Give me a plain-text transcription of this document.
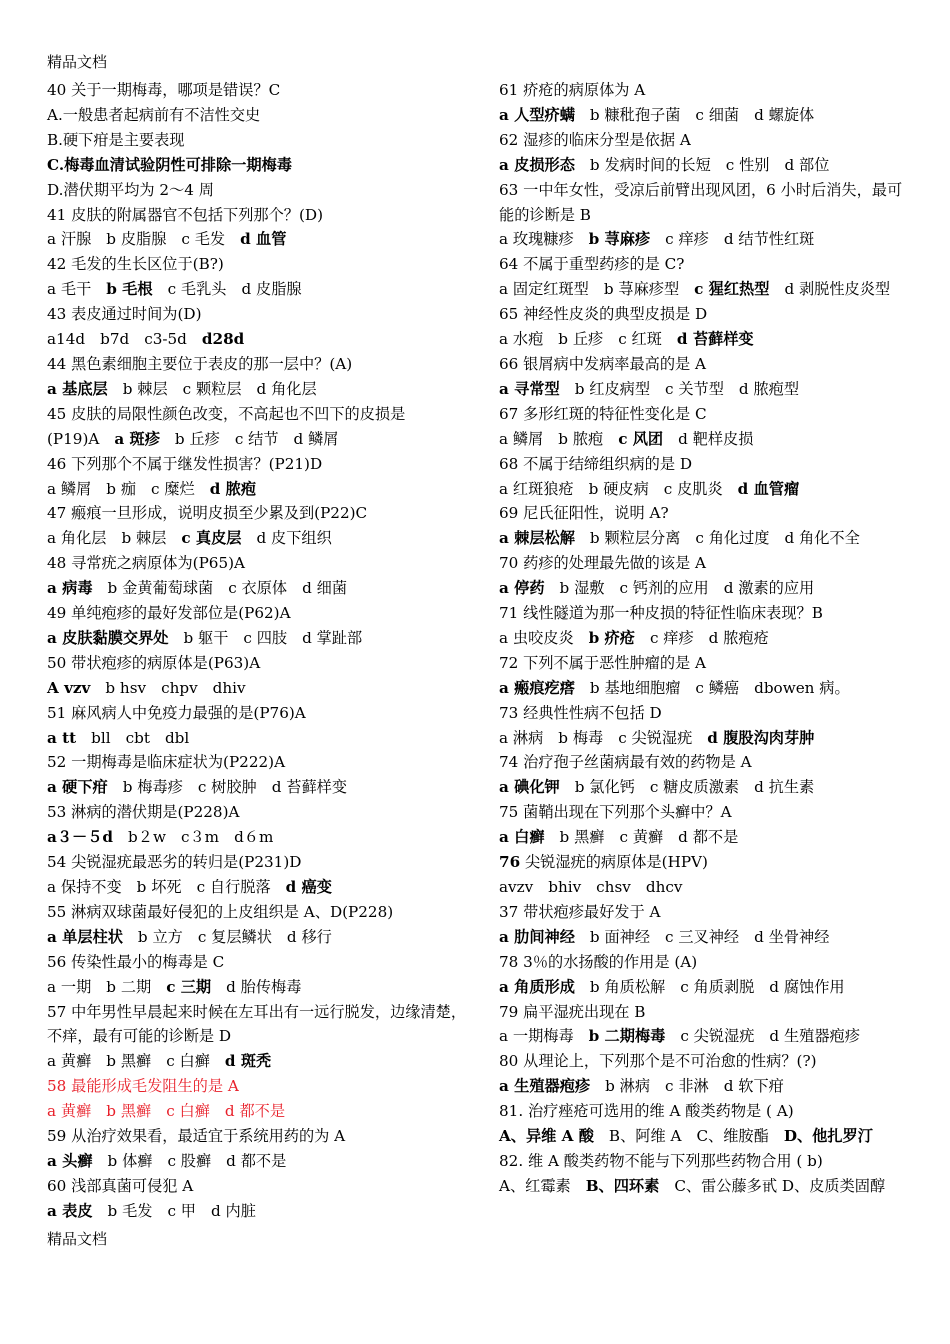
精品文档
40 关于一期梅毒，哪项是错误？C
A.一般患者起病前有不洁性交史
B.硬下疳是主要表现
C.梅毒血清试验阴性可排除一期梅毒
D.潜伏期平均为 2～4 周
41 皮肤的附属器官不包括下列那个？(D)
a 汗腺 b 皮脂腺 c 毛发 d 血管
42 毛发的生长区位于(B?)
a 毛干 b 毛根 c 毛乳头 d 皮脂腺
43 表皮通过时间为(D)
a14d b7d c3-5d d28d
44 黑色素细胞主要位于表皮的那一层中？(A)
a 基底层 b 棘层 c 颗粒层 d 角化层
45 皮肤的局限性颜色改变，不高起也不凹下的皮损是
(P19)A a 斑疹 b 丘疹 c 结节 d 鳞屑
46 下列那个不属于继发性损害？(P21)D
a 鳞屑 b 痂 c 糜烂 d 脓疱
47 瘢痕一旦形成，说明皮损至少累及到(P22)C
a 角化层 b 棘层 c 真皮层 d 皮下组织
48 寻常疣之病原体为(P65)A
a 病毒 b 金黄葡萄球菌 c 衣原体 d 细菌
49 单纯疱疹的最好发部位是(P62)A
a 皮肤黏膜交界处 b 躯干 c 四肢 d 掌趾部
50 带状疱疹的病原体是(P63)A
A vzv b hsv chpv dhiv
51 麻风病人中免疫力最强的是(P76)A
a tt bll cbt dbl
52 一期梅毒是临床症状为(P222)A
a 硬下疳 b 梅毒疹 c 树胶肿 d 苔藓样变
53 淋病的潜伏期是(P228)A
a３－５d b２w c３m d６m
54 尖锐湿疣最恶劣的转归是(P231)D
a 保持不变 b 坏死 c 自行脱落 d 癌变
55 淋病双球菌最好侵犯的上皮组织是 A、D(P228)
a 单层柱状 b 立方 c 复层鳞状 d 移行
56 传染性最小的梅毒是 C
a 一期 b 二期 c 三期 d 胎传梅毒
57 中年男性早晨起来时候在左耳出有一远行脱发，边缘清楚，不痒，最有可能的诊断是 D
a 黄癣 b 黑癣 c 白癣 d 斑秃
58 最能形成毛发阻生的是 A
a 黄癣 b 黑癣 c 白癣 d 都不是
59 从治疗效果看，最适宜于系统用药的为 A
a 头癣 b 体癣 c 股癣 d 都不是
60 浅部真菌可侵犯 A
a 表皮 b 毛发 c 甲 d 内脏
61 疥疮的病原体为 A
a 人型疥螨 b 糠秕孢子菌 c 细菌 d 螺旋体
62 湿疹的临床分型是依据 A
a 皮损形态 b 发病时间的长短 c 性别 d 部位
63 一中年女性，受凉后前臂出现风团，6 小时后消失，最可能的诊断是 B
a 玫瑰糠疹 b 荨麻疹 c 痒疹 d 结节性红斑
64 不属于重型药疹的是 C?
a 固定红斑型 b 荨麻疹型 c 猩红热型 d 剥脱性皮炎型
65 神经性皮炎的典型皮损是 D
a 水疱 b 丘疹 c 红斑 d 苔藓样变
66 银屑病中发病率最高的是 A
a 寻常型 b 红皮病型 c 关节型 d 脓疱型
67 多形红斑的特征性变化是 C
a 鳞屑 b 脓疱 c 风团 d 靶样皮损
68 不属于结缔组织病的是 D
a 红斑狼疮 b 硬皮病 c 皮肌炎 d 血管瘤
69 尼氏征阳性，说明 A?
a 棘层松解 b 颗粒层分离 c 角化过度 d 角化不全
70 药疹的处理最先做的该是 A
a 停药 b 湿敷 c 钙剂的应用 d 激素的应用
71 线性隧道为那一种皮损的特征性临床表现？B
a 虫咬皮炎 b 疥疮 c 痒疹 d 脓疱疮
72 下列不属于恶性肿瘤的是 A
a 瘢痕疙瘩 b 基地细胞瘤 c 鳞癌 dbowen 病。
73 经典性性病不包括 D
a 淋病 b 梅毒 c 尖锐湿疣 d 腹股沟肉芽肿
74 治疗孢子丝菌病最有效的药物是 A
a 碘化钾 b 氯化钙 c 糖皮质激素 d 抗生素
75 菌鞘出现在下列那个头癣中？A
a 白癣 b 黑癣 c 黄癣 d 都不是
76 尖锐湿疣的病原体是(HPV)
avzv bhiv chsv dhcv
37 带状疱疹最好发于 A
a 肋间神经 b 面神经 c 三叉神经 d 坐骨神经
78 3％的水扬酸的作用是 (A)
a 角质形成 b 角质松解 c 角质剥脱 d 腐蚀作用
79 扁平湿疣出现在 B
a 一期梅毒 b 二期梅毒 c 尖锐湿疣 d 生殖器疱疹
80 从理论上，下列那个是不可治愈的性病？(?)
a 生殖器疱疹 b 淋病 c 非淋 d 软下疳
81. 治疗痤疮可选用的维 A 酸类药物是 ( A)
A、异维 A 酸 B、阿维 A C、维胺酯 D、他扎罗汀
82. 维 A 酸类药物不能与下列那些药物合用 ( b)
A、红霉素 B、四环素 C、雷公藤多甙 D、皮质类固醇
精品文档
